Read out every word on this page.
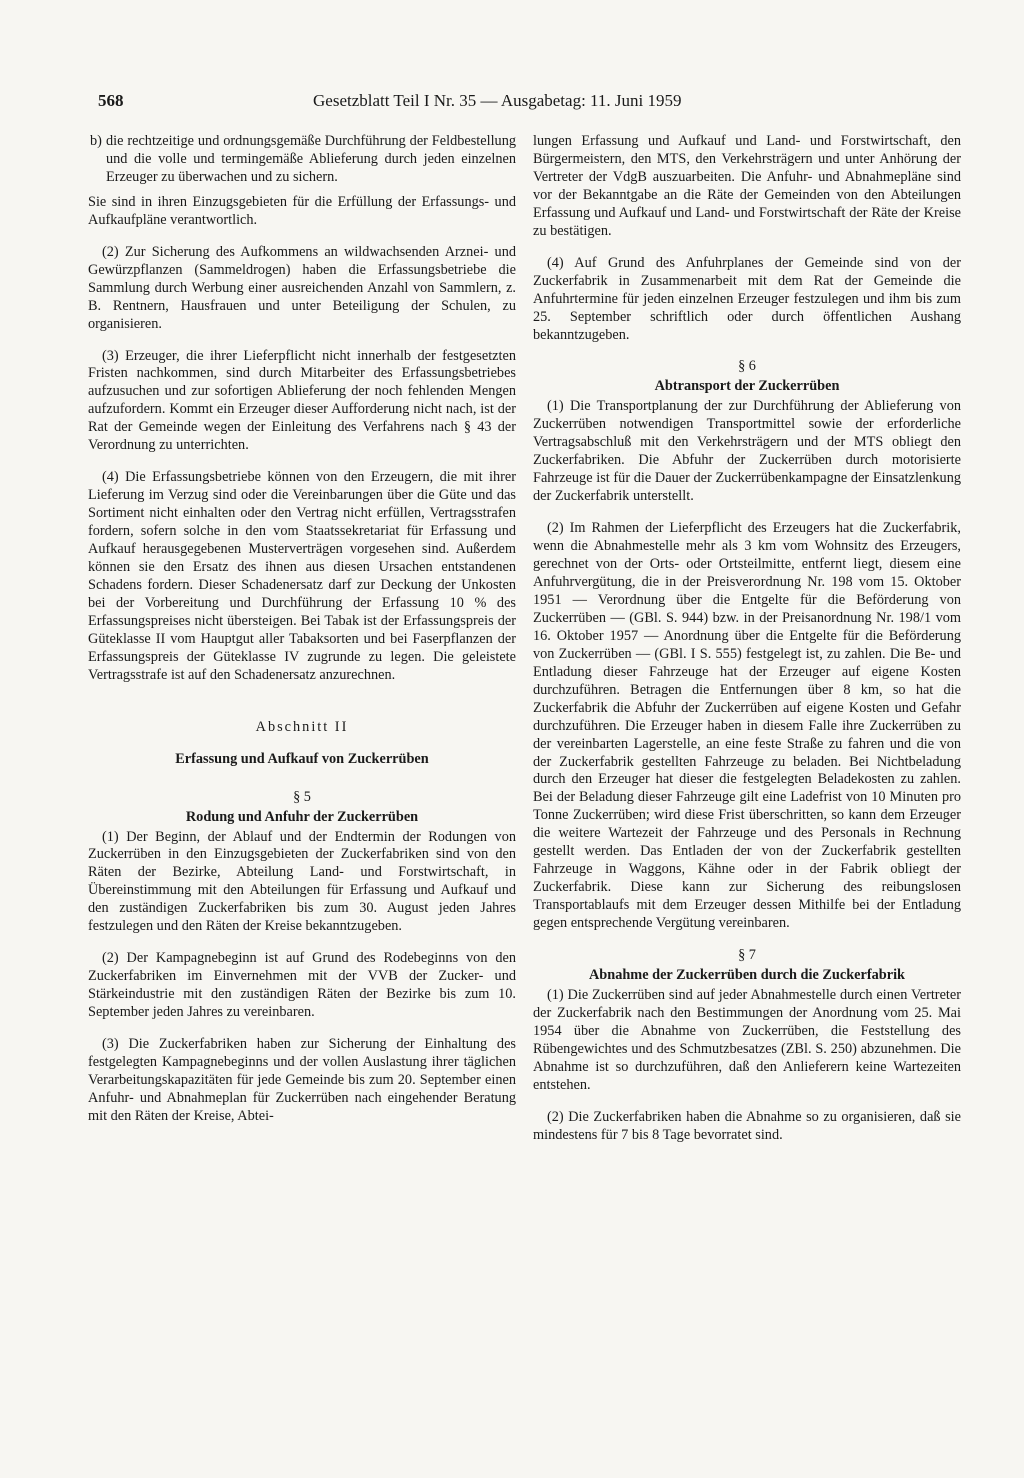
568	Gesetzblatt Teil I Nr. 35 — Ausgabetag: 11. Juni 1959

b) die rechtzeitige und ordnungsgemäße Durchführung der Feldbestellung und die volle und termingemäße Ablieferung durch jeden einzelnen Erzeuger zu überwachen und zu sichern.

Sie sind in ihren Einzugsgebieten für die Erfüllung der Erfassungs- und Aufkaufpläne verantwortlich.

(2) Zur Sicherung des Aufkommens an wildwachsenden Arznei- und Gewürzpflanzen (Sammeldrogen) haben die Erfassungsbetriebe die Sammlung durch Werbung einer ausreichenden Anzahl von Sammlern, z. B. Rentnern, Hausfrauen und unter Beteiligung der Schulen, zu organisieren.

(3) Erzeuger, die ihrer Lieferpflicht nicht innerhalb der festgesetzten Fristen nachkommen, sind durch Mitarbeiter des Erfassungsbetriebes aufzusuchen und zur sofortigen Ablieferung der noch fehlenden Mengen aufzufordern. Kommt ein Erzeuger dieser Aufforderung nicht nach, ist der Rat der Gemeinde wegen der Einleitung des Verfahrens nach § 43 der Verordnung zu unterrichten.

(4) Die Erfassungsbetriebe können von den Erzeugern, die mit ihrer Lieferung im Verzug sind oder die Vereinbarungen über die Güte und das Sortiment nicht einhalten oder den Vertrag nicht erfüllen, Vertragsstrafen fordern, sofern solche in den vom Staatssekretariat für Erfassung und Aufkauf herausgegebenen Musterverträgen vorgesehen sind. Außerdem können sie den Ersatz des ihnen aus diesen Ursachen entstandenen Schadens fordern. Dieser Schadenersatz darf zur Deckung der Unkosten bei der Vorbereitung und Durchführung der Erfassung 10 % des Erfassungspreises nicht übersteigen. Bei Tabak ist der Erfassungspreis der Güteklasse II vom Hauptgut aller Tabaksorten und bei Faserpflanzen der Erfassungspreis der Güteklasse IV zugrunde zu legen. Die geleistete Vertragsstrafe ist auf den Schadenersatz anzurechnen.

Abschnitt II
Erfassung und Aufkauf von Zuckerrüben
§ 5
Rodung und Anfuhr der Zuckerrüben

(1) Der Beginn, der Ablauf und der Endtermin der Rodungen von Zuckerrüben in den Einzugsgebieten der Zuckerfabriken sind von den Räten der Bezirke, Abteilung Land- und Forstwirtschaft, in Übereinstimmung mit den Abteilungen für Erfassung und Aufkauf und den zuständigen Zuckerfabriken bis zum 30. August jeden Jahres festzulegen und den Räten der Kreise bekanntzugeben.

(2) Der Kampagnebeginn ist auf Grund des Rodebeginns von den Zuckerfabriken im Einvernehmen mit der VVB der Zucker- und Stärkeindustrie mit den zuständigen Räten der Bezirke bis zum 10. September jeden Jahres zu vereinbaren.

(3) Die Zuckerfabriken haben zur Sicherung der Einhaltung des festgelegten Kampagnebeginns und der vollen Auslastung ihrer täglichen Verarbeitungskapazitäten für jede Gemeinde bis zum 20. September einen Anfuhr- und Abnahmeplan für Zuckerrüben nach eingehender Beratung mit den Räten der Kreise, Abtei-

lungen Erfassung und Aufkauf und Land- und Forstwirtschaft, den Bürgermeistern, den MTS, den Verkehrsträgern und unter Anhörung der Vertreter der VdgB auszuarbeiten. Die Anfuhr- und Abnahmepläne sind vor der Bekanntgabe an die Räte der Gemeinden von den Abteilungen Erfassung und Aufkauf und Land- und Forstwirtschaft der Räte der Kreise zu bestätigen.

(4) Auf Grund des Anfuhrplanes der Gemeinde sind von der Zuckerfabrik in Zusammenarbeit mit dem Rat der Gemeinde die Anfuhrtermine für jeden einzelnen Erzeuger festzulegen und ihm bis zum 25. September schriftlich oder durch öffentlichen Aushang bekanntzugeben.

§ 6
Abtransport der Zuckerrüben

(1) Die Transportplanung der zur Durchführung der Ablieferung von Zuckerrüben notwendigen Transportmittel sowie der erforderliche Vertragsabschluß mit den Verkehrsträgern und der MTS obliegt den Zuckerfabriken. Die Abfuhr der Zuckerrüben durch motorisierte Fahrzeuge ist für die Dauer der Zuckerrübenkampagne der Einsatzlenkung der Zuckerfabrik unterstellt.

(2) Im Rahmen der Lieferpflicht des Erzeugers hat die Zuckerfabrik, wenn die Abnahmestelle mehr als 3 km vom Wohnsitz des Erzeugers, gerechnet von der Orts- oder Ortsteilmitte, entfernt liegt, diesem eine Anfuhrvergütung, die in der Preisverordnung Nr. 198 vom 15. Oktober 1951 — Verordnung über die Entgelte für die Beförderung von Zuckerrüben — (GBl. S. 944) bzw. in der Preisanordnung Nr. 198/1 vom 16. Oktober 1957 — Anordnung über die Entgelte für die Beförderung von Zuckerrüben — (GBl. I S. 555) festgelegt ist, zu zahlen. Die Be- und Entladung dieser Fahrzeuge hat der Erzeuger auf eigene Kosten durchzuführen. Betragen die Entfernungen über 8 km, so hat die Zuckerfabrik die Abfuhr der Zuckerrüben auf eigene Kosten und Gefahr durchzuführen. Die Erzeuger haben in diesem Falle ihre Zuckerrüben zu der vereinbarten Lagerstelle, an eine feste Straße zu fahren und die von der Zuckerfabrik gestellten Fahrzeuge zu beladen. Bei Nichtbeladung durch den Erzeuger hat dieser die festgelegten Beladekosten zu zahlen. Bei der Beladung dieser Fahrzeuge gilt eine Ladefrist von 10 Minuten pro Tonne Zuckerrüben; wird diese Frist überschritten, so kann dem Erzeuger die weitere Wartezeit der Fahrzeuge und des Personals in Rechnung gestellt werden. Das Entladen der von der Zuckerfabrik gestellten Fahrzeuge in Waggons, Kähne oder in der Fabrik obliegt der Zuckerfabrik. Diese kann zur Sicherung des reibungslosen Transportablaufs mit dem Erzeuger dessen Mithilfe bei der Entladung gegen entsprechende Vergütung vereinbaren.

§ 7
Abnahme der Zuckerrüben durch die Zuckerfabrik

(1) Die Zuckerrüben sind auf jeder Abnahmestelle durch einen Vertreter der Zuckerfabrik nach den Bestimmungen der Anordnung vom 25. Mai 1954 über die Abnahme von Zuckerrüben, die Feststellung des Rübengewichtes und des Schmutzbesatzes (ZBl. S. 250) abzunehmen. Die Abnahme ist so durchzuführen, daß den Anlieferern keine Wartezeiten entstehen.

(2) Die Zuckerfabriken haben die Abnahme so zu organisieren, daß sie mindestens für 7 bis 8 Tage bevorratet sind.
